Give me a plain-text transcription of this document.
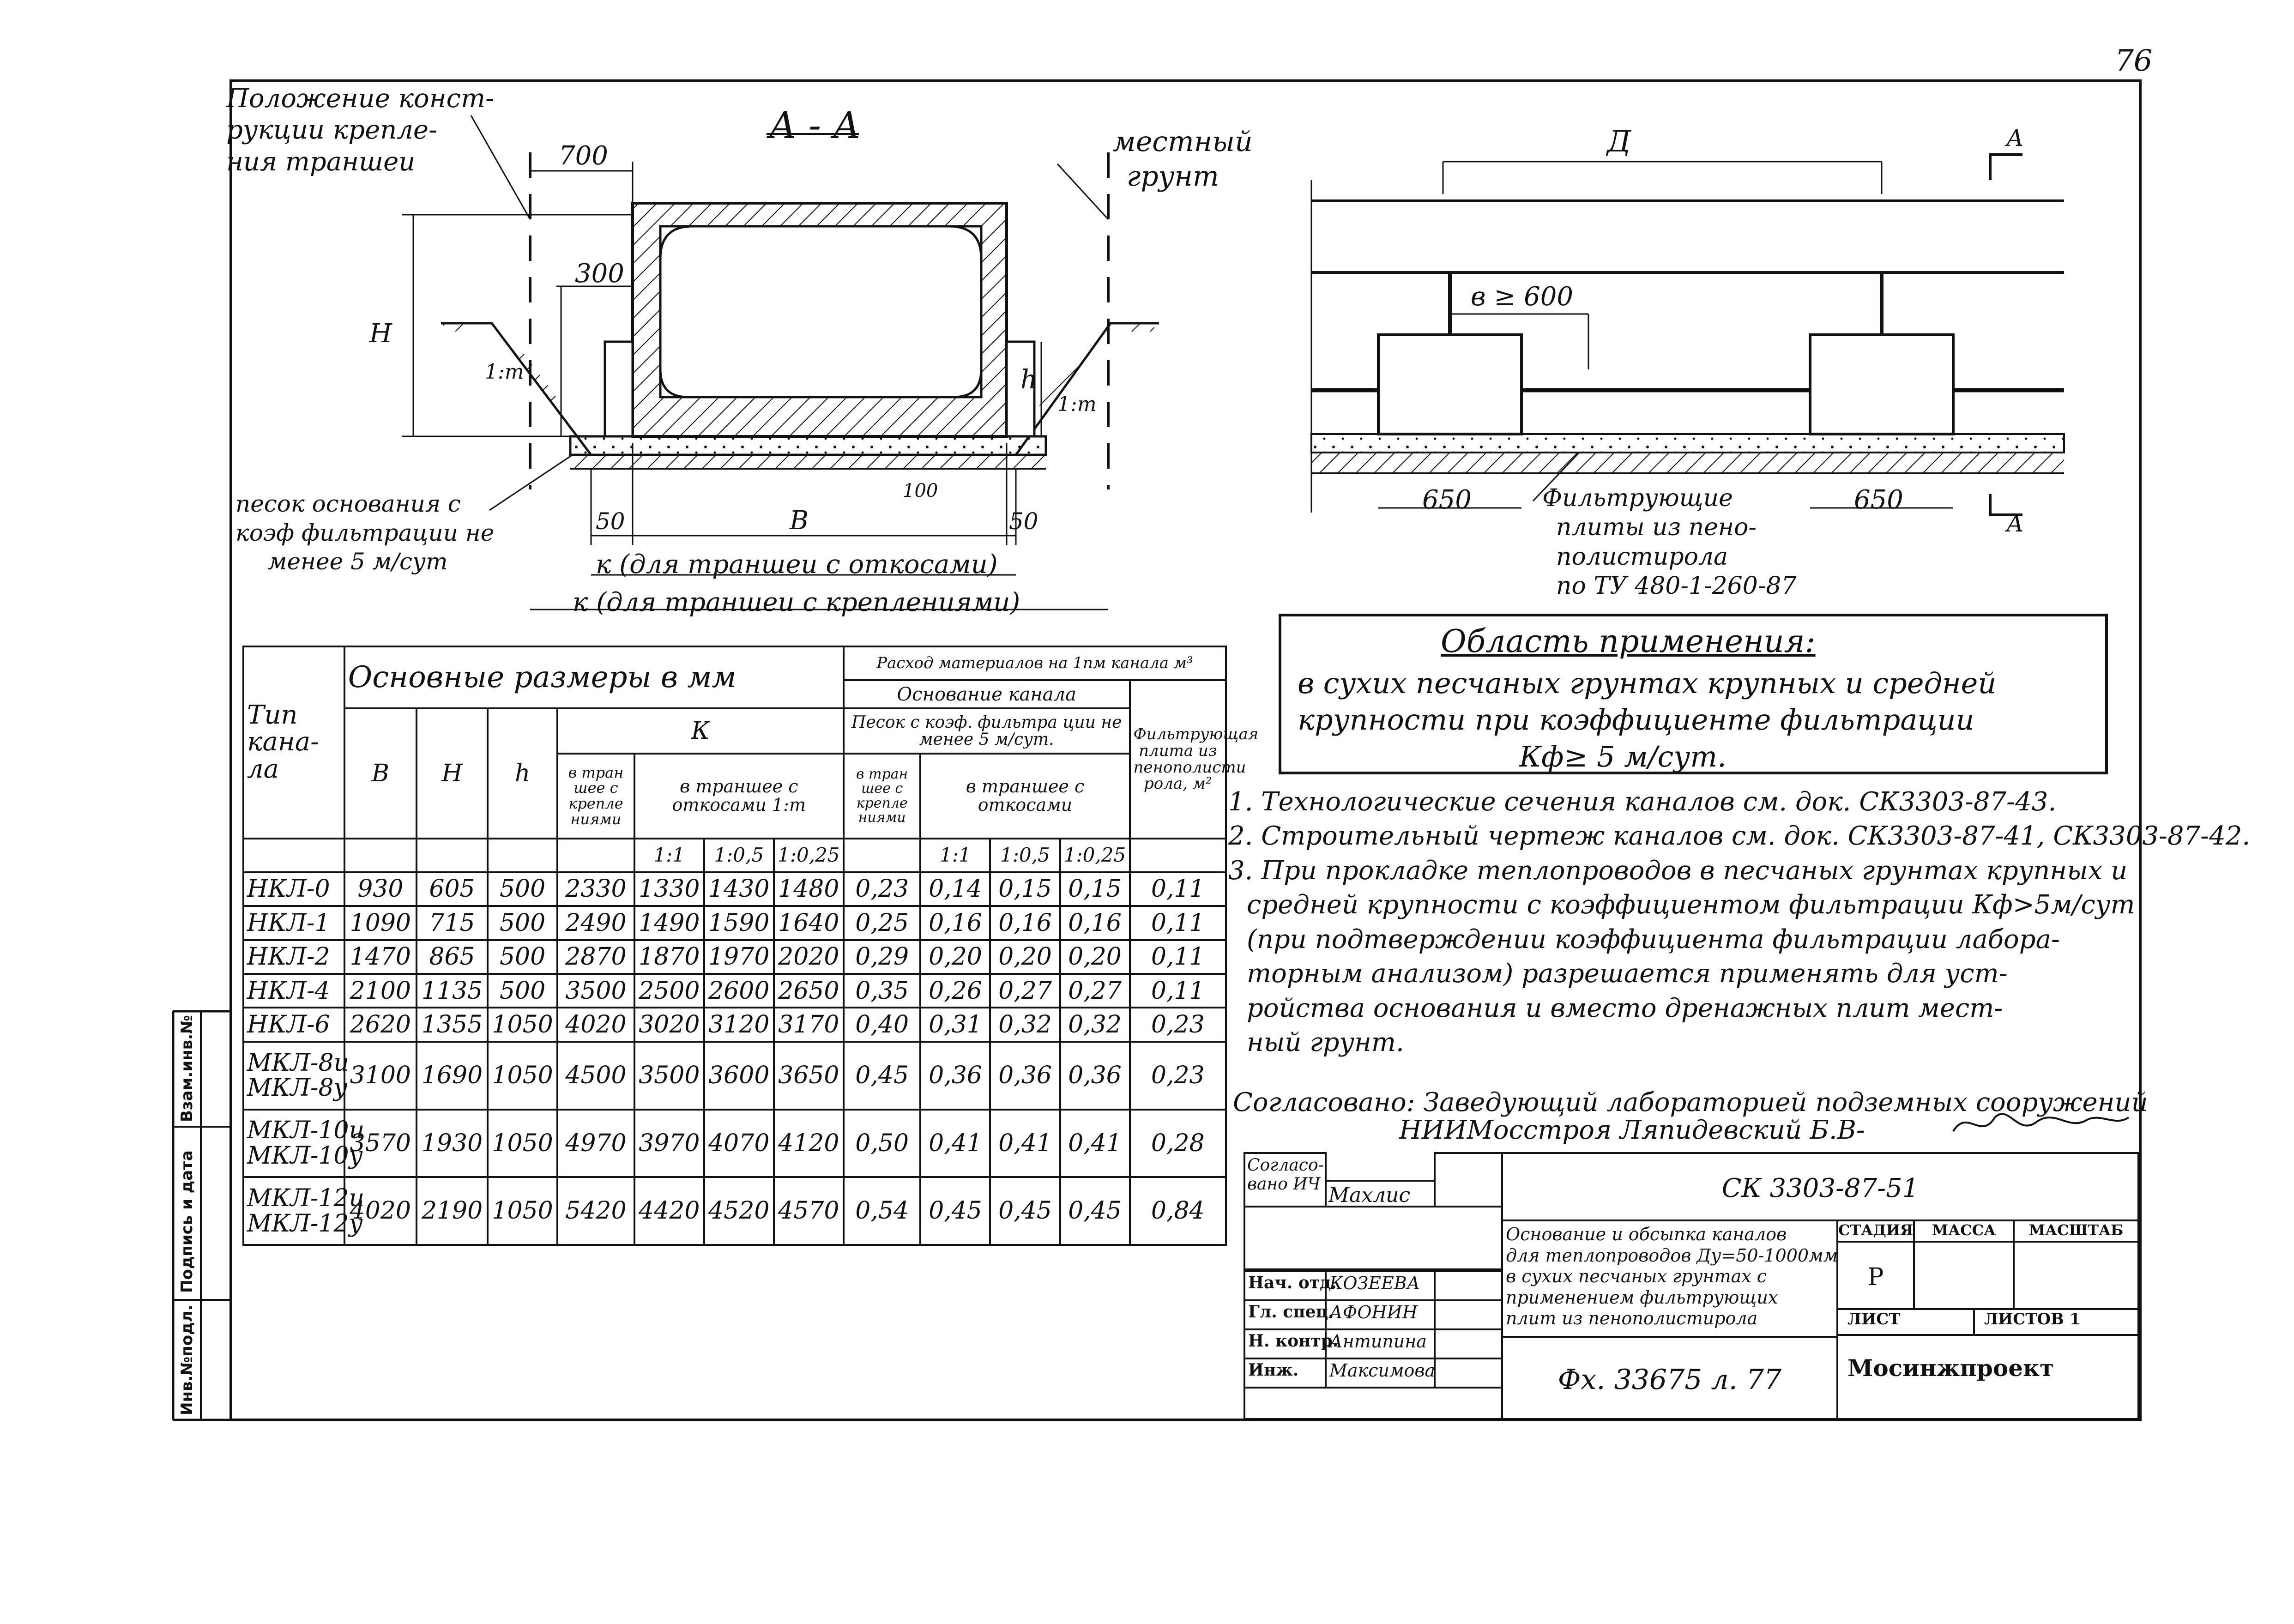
76
А - А
Положение конст-
рукции крепле-
ния траншеи
местный
грунт
песок основания с
коэф фильтрации не
менее 5 м/сут
700
300
Н
h
В
100
50	50
1:m
1:m
к (для траншеи с откосами)
к (для траншеи с креплениями)
Д	А
А
в ≥ 600
650	650
Фильтрующие
плиты из пено-
полистирола
по ТУ 480-1-260-87
Область применения:
в сухих песчаных грунтах крупных и средней
крупности при коэффициенте фильтрации
Кф≥ 5 м/сут.
1. Технологические сечения каналов см. док. СК3303-87-43.
2. Строительный чертеж каналов см. док. СК3303-87-41, СК3303-87-42.
3. При прокладке теплопроводов в песчаных грунтах крупных и
средней крупности с коэффициентом фильтрации Кф>5м/сут
(при подтверждении коэффициента фильтрации лабора-
торным анализом) разрешается применять для уст-
ройства основания и вместо дренажных плит мест-
ный грунт.
Согласовано: Заведующий лабораторией подземных сооружений
НИИМосстроя Ляпидевский Б.В-
Тип кана- ла	Основные размеры в мм							Расход материалов на 1пм канала м³				
								Основание канала				Фильтрующая плита из пенополисти рола, м²
	В	Н	h	К				Песок с коэф. фильтра ции не менее 5 м/сут.				
				в тран шее с крепле ниями	в траншее с откосами 1:m			в тран шее с крепле ниями	в траншее с откосами			
					1:1	1:0,5	1:0,25		1:1	1:0,5	1:0,25	

НКЛ-0	930	605	500	2330	1330	1430	1480	0,23	0,14	0,15	0,15	0,11

НКЛ-1	1090	715	500	2490	1490	1590	1640	0,25	0,16	0,16	0,16	0,11

НКЛ-2	1470	865	500	2870	1870	1970	2020	0,29	0,20	0,20	0,20	0,11

НКЛ-4	2100	1135	500	3500	2500	2600	2650	0,35	0,26	0,27	0,27	0,11

НКЛ-6	2620	1355	1050	4020	3020	3120	3170	0,40	0,31	0,32	0,32	0,23

МКЛ-8и
МКЛ-8у	3100	1690	1050	4500	3500	3600	3650	0,45	0,36	0,36	0,36	0,23

МКЛ-10и
МКЛ-10у	3570	1930	1050	4970	3970	4070	4120	0,50	0,41	0,41	0,41	0,28

МКЛ-12и
МКЛ-12у	4020	2190	1050	5420	4420	4520	4570	0,54	0,45	0,45	0,45	0,84
Взам.инв.№
Подпись и дата
Инв.№подл.
Согласо- вано ИЧ Махлис	СК 3303-87-51
Основание и обсыпка каналов
для теплопроводов Ду=50-1000мм
в сухих песчаных грунтах с
применением фильтрующих
плит из пенополистирола
Фx. 33675 л. 77
СТАДИЯ	МАССА	МАСШТАБ
Р
ЛИСТ	ЛИСТОВ 1
Мосинжпроект
Нач. отд.
КОЗЕЕВА
Гл. спец.
АФОНИН
Н. контр.
Антипина
Инж.	Максимова
